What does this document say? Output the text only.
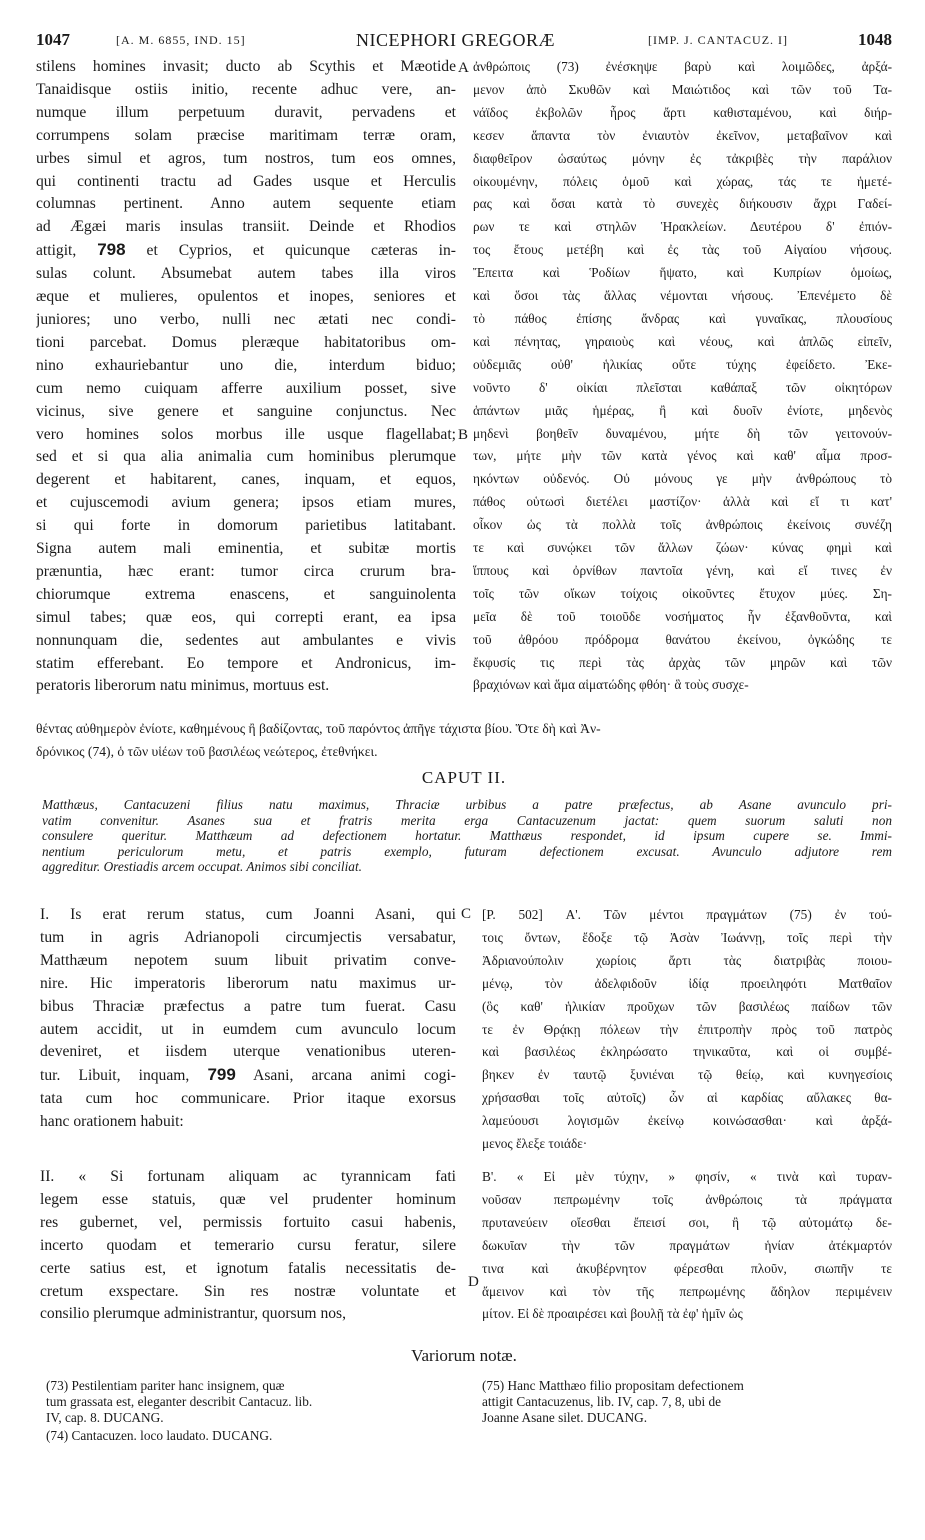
1047	[A. M. 6855, IND. 15]	NICEPHORI GREGORÆ	[IMP. J. CANTACUZ. I]	1048
stilens homines invasit; ducto ab Scythis et Mæotide
Tanaidisque ostiis initio, recente adhuc vere, an-
numque illum perpetuum duravit, pervadens et
corrumpens solam præcise maritimam terræ oram,
urbes simul et agros, tum nostros, tum eos omnes,
qui continenti tractu ad Gades usque et Herculis
columnas pertinent. Anno autem sequente etiam
ad Ægæi maris insulas transiit. Deinde et Rhodios
attigit, 798 et Cyprios, et quicunque cæteras in-
sulas colunt. Absumebat autem tabes illa viros
æque et mulieres, opulentos et inopes, seniores et
juniores; uno verbo, nulli nec ætati nec condi-
tioni parcebat. Domus pleræque habitatoribus om-
nino exhauriebantur uno die, interdum biduo;
cum nemo cuiquam afferre auxilium posset, sive
vicinus, sive genere et sanguine conjunctus. Nec
vero homines solos morbus ille usque flagellabat;
sed et si qua alia animalia cum hominibus plerumque
degerent et habitarent, canes, inquam, et equos,
et cujuscemodi avium genera; ipsos etiam mures,
si qui forte in domorum parietibus latitabant.
Signa autem mali eminentia, et subitæ mortis
prænuntia, hæc erant: tumor circa crurum bra-
chiorumque extrema enascens, et sanguinolenta
simul tabes; quæ eos, qui correpti erant, ea ipsa
nonnunquam die, sedentes aut ambulantes e vivis
statim efferebant. Eo tempore et Andronicus, im-
peratoris liberorum natu minimus, mortuus est.
ἀνθρώποις (73) ἐνέσκηψε βαρὺ καὶ λοιμῶδες, ἀρξά-
μενον ἀπὸ Σκυθῶν καὶ Μαιώτιδος καὶ τῶν τοῦ Τα-
νάϊδος ἐκβολῶν ἦρος ἄρτι καθισταμένου, καὶ διήρ-
κεσεν ἅπαντα τὸν ἐνιαυτὸν ἐκεῖνον, μεταβαῖνον καὶ
διαφθεῖρον ὡσαύτως μόνην ἐς τἀκριβὲς τὴν παράλιον
οἰκουμένην, πόλεις ὁμοῦ καὶ χώρας, τάς τε ἡμετέ-
ρας καὶ ὅσαι κατὰ τὸ συνεχὲς διήκουσιν ἄχρι Γαδεί-
ρων τε καὶ στηλῶν Ἡρακλείων. Δευτέρου δ' ἐπιόν-
τος ἔτους μετέβη καὶ ἐς τὰς τοῦ Αἰγαίου νήσους.
Ἔπειτα καὶ Ῥοδίων ἥψατο, καὶ Κυπρίων ὁμοίως,
καὶ ὅσοι τὰς ἄλλας νέμονται νήσους. Ἐπενέμετο δὲ
τὸ πάθος ἐπίσης ἄνδρας καὶ γυναῖκας, πλουσίους
καὶ πένητας, γηραιοὺς καὶ νέους, καὶ ἁπλῶς εἰπεῖν,
οὐδεμιᾶς οὐθ' ἡλικίας οὔτε τύχης ἐφείδετο. Ἐκε-
νοῦντο δ' οἰκίαι πλεῖσται καθάπαξ τῶν οἰκητόρων
ἁπάντων μιᾶς ἡμέρας, ἢ καὶ δυοῖν ἐνίοτε, μηδενὸς
μηδενὶ βοηθεῖν δυναμένου, μήτε δὴ τῶν γειτονούν-
των, μήτε μὴν τῶν κατὰ γένος καὶ καθ' αἷμα προσ-
ηκόντων οὐδενός. Οὐ μόνους γε μὴν ἀνθρώπους τὸ
πάθος οὑτωσὶ διετέλει μαστίζον· ἀλλὰ καὶ εἴ τι κατ'
οἶκον ὡς τὰ πολλὰ τοῖς ἀνθρώποις ἐκείνοις συνέζη
τε καὶ συνῴκει τῶν ἄλλων ζώων· κύνας φημὶ καὶ
ἵππους καὶ ὀρνίθων παντοῖα γένη, καὶ εἴ τινες ἐν
τοῖς τῶν οἴκων τοίχοις οἰκοῦντες ἔτυχον μύες. Ση-
μεῖα δὲ τοῦ τοιοῦδε νοσήματος ἦν ἐξανθοῦντα, καὶ
τοῦ ἀθρόου πρόδρομα θανάτου ἐκείνου, ὀγκώδης τε
ἔκφυσίς τις περὶ τὰς ἀρχὰς τῶν μηρῶν καὶ τῶν
βραχιόνων καὶ ἅμα αἱματώδης φθόη· ἃ τοὺς συσχε-
A
B
θέντας αὐθημερὸν ἐνίοτε, καθημένους ἢ βαδίζοντας, τοῦ παρόντος ἀπῆγε τάχιστα βίου. Ὅτε δὴ καὶ Ἀν-
δρόνικος (74), ὁ τῶν υἱέων τοῦ βασιλέως νεώτερος, ἐτεθνήκει.
CAPUT II.
Matthæus, Cantacuzeni filius natu maximus, Thraciæ urbibus a patre præfectus, ab Asane avunculo pri-
vatim convenitur. Asanes sua et fratris merita erga Cantacuzenum jactat: quem suorum saluti non
consulere queritur. Matthæum ad defectionem hortatur. Matthæus respondet, id ipsum cupere se. Immi-
nentium periculorum metu, et patris exemplo, futuram defectionem excusat. Avunculo adjutore rem
aggreditur. Orestiadis arcem occupat. Animos sibi conciliat.
I. Is erat rerum status, cum Joanni Asani, qui
tum in agris Adrianopoli circumjectis versabatur,
Matthæum nepotem suum libuit privatim conve-
nire. Hic imperatoris liberorum natu maximus ur-
bibus Thraciæ præfectus a patre tum fuerat. Casu
autem accidit, ut in eumdem cum avunculo locum
deveniret, et iisdem uterque venationibus uteren-
tur. Libuit, inquam, 799 Asani, arcana animi cogi-
tata cum hoc communicare. Prior itaque exorsus
hanc orationem habuit:
[P. 502] Α'. Τῶν μέντοι πραγμάτων (75) ἐν τού-
τοις ὄντων, ἔδοξε τῷ Ἀσὰν Ἰωάννῃ, τοῖς περὶ τὴν
Ἀδριανούπολιν χωρίοις ἄρτι τὰς διατριβὰς ποιου-
μένῳ, τὸν ἀδελφιδοῦν ἰδίᾳ προειληφότι Ματθαῖον
(ὃς καθ' ἡλικίαν προῦχων τῶν βασιλέως παίδων τῶν
τε ἐν Θρᾴκῃ πόλεων τὴν ἐπιτροπὴν πρὸς τοῦ πατρὸς
καὶ βασιλέως ἐκληρώσατο τηνικαῦτα, καὶ οἱ συμβέ-
βηκεν ἐν ταυτῷ ξυνιέναι τῷ θείῳ, καὶ κυνηγεσίοις
χρήσασθαι τοῖς αὐτοῖς) ὧν αἱ καρδίας αὔλακες θα-
λαμεύουσι λογισμῶν ἐκείνῳ κοινώσασθαι· καὶ ἀρξά-
μενος ἔλεξε τοιάδε·
C
II. « Si fortunam aliquam ac tyrannicam fati
legem esse statuis, quæ vel prudenter hominum
res gubernet, vel, permissis fortuito casui habenis,
incerto quodam et temerario cursu feratur, silere
certe satius est, et ignotum fatalis necessitatis de-
cretum exspectare. Sin res nostræ voluntate et
consilio plerumque administrantur, quorsum nos,
Β'. « Εἰ μὲν τύχην, » φησίν, « τινὰ καὶ τυραν-
νοῦσαν πεπρωμένην τοῖς ἀνθρώποις τὰ πράγματα
πρυτανεύειν οἴεσθαι ἔπεισί σοι, ἢ τῷ αὐτομάτῳ δε-
δωκυῖαν τὴν τῶν πραγμάτων ἡνίαν ἀτέκμαρτόν
τινα καὶ ἀκυβέρνητον φέρεσθαι πλοῦν, σιωπῆν τε
ἄμεινον καὶ τὸν τῆς πεπρωμένης ἄδηλον περιμένειν
μίτον. Εἰ δὲ προαιρέσει καὶ βουλῇ τὰ ἐφ' ἡμῖν ὡς
D
Variorum notæ.
(73) Pestilentiam pariter hanc insignem, quæ
tum grassata est, eleganter describit Cantacuz. lib.
IV, cap. 8. DUCANG.
(74) Cantacuzen. loco laudato. DUCANG.
(75) Hanc Matthæo filio propositam defectionem
attigit Cantacuzenus, lib. IV, cap. 7, 8, ubi de
Joanne Asane silet. DUCANG.
